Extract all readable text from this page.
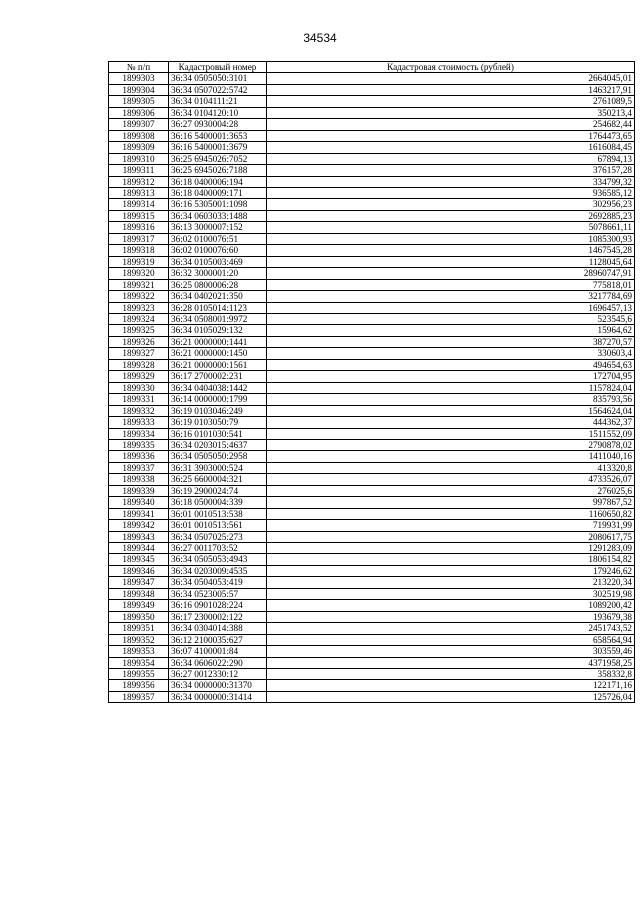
34534
№ п/п	Кадастровый номер	Кадастровая стоимость (рублей)
1899303	36:34 0505050:3101	2664045,01
1899304	36:34 0507022:5742	1463217,91
1899305	36:34 0104111:21	2761089,5
1899306	36:34 0104120:10	350213,4
1899307	36:27 0930004:28	254682,44
1899308	36:16 5400001:3653	1764473,65
1899309	36:16 5400001:3679	1616084,45
1899310	36:25 6945026:7052	67894,13
1899311	36:25 6945026:7188	376157,28
1899312	36:18 0400006:194	334799,32
1899313	36:18 0400009:171	936585,12
1899314	36:16 5305001:1098	302956,23
1899315	36:34 0603033:1488	2692885,23
1899316	36:13 3000007:152	5078661,11
1899317	36:02 0100076:51	1085300,93
1899318	36:02 0100076:60	1467545,28
1899319	36:34 0105003:469	1128045,64
1899320	36:32 3000001:20	28960747,91
1899321	36:25 0800006:28	775818,01
1899322	36:34 0402021:350	3217784,69
1899323	36:28 0105014:1123	1696457,13
1899324	36:34 0508001:9972	523545,6
1899325	36:34 0105029:132	15964,62
1899326	36:21 0000000:1441	387270,57
1899327	36:21 0000000:1450	330603,4
1899328	36:21 0000000:1561	494654,63
1899329	36:17 2700002:231	172704,95
1899330	36:34 0404038:1442	1157824,04
1899331	36:14 0000000:1799	835793,56
1899332	36:19 0103046:249	1564624,04
1899333	36:19 0103050:79	444362,37
1899334	36:16 0101030:541	1511552,09
1899335	36:34 0203015:4637	2790878,02
1899336	36:34 0505050:2958	1411040,16
1899337	36:31 3903000:524	413320,8
1899338	36:25 6600004:321	4733526,07
1899339	36:19 2900024:74	276025,6
1899340	36:18 0500004:339	997867,52
1899341	36:01 0010513:538	1160650,82
1899342	36:01 0010513:561	719931,99
1899343	36:34 0507025:273	2080617,75
1899344	36:27 0011703:52	1291283,09
1899345	36:34 0505053:4943	1806154,82
1899346	36:34 0203009:4535	179246,62
1899347	36:34 0504053:419	213220,34
1899348	36:34 0523005:57	302519,98
1899349	36:16 0901028:224	1089200,42
1899350	36:17 2300002:122	193679,38
1899351	36:34 0304014:388	2451743,52
1899352	36:12 2100035:627	658564,94
1899353	36:07 4100001:84	303559,46
1899354	36:34 0606022:290	4371958,25
1899355	36:27 0012330:12	358332,8
1899356	36:34 0000000:31370	122171,16
1899357	36:34 0000000:31414	125726,04
